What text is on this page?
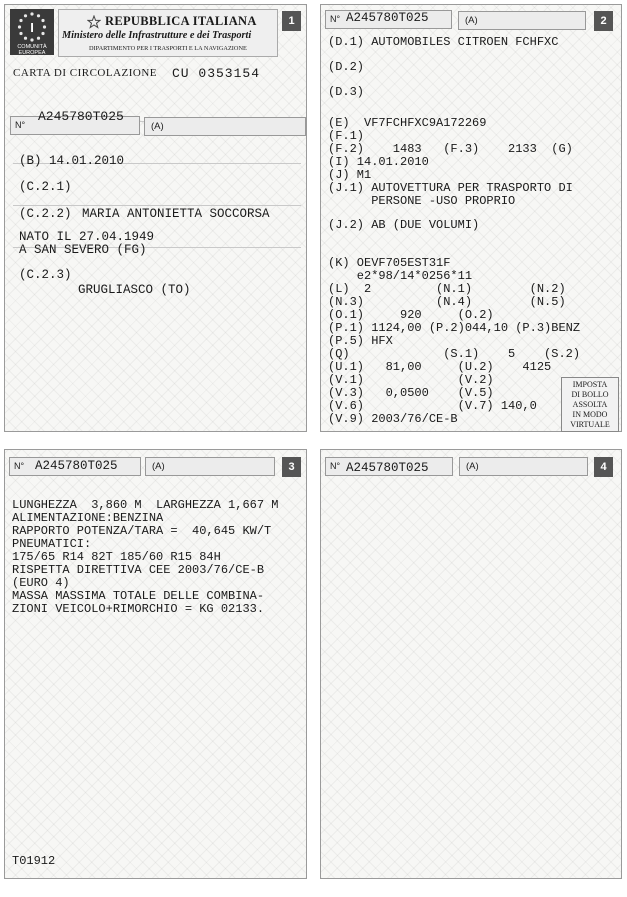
I

COMUNITÀ EUROPEA

REPUBBLICA ITALIANA

Ministero delle Infrastrutture e dei Trasporti

DIPARTIMENTO PER I TRASPORTI E LA NAVIGAZIONE

1
CARTA DI CIRCOLAZIONE CU 0353154

N°
A245780T025
(A)
(B) 14.01.2010
(C.2.1)
(C.2.2) MARIA ANTONIETTA SOCCORSA
NATO IL 27.04.1949
A SAN SEVERO (FG)
(C.2.3)
GRUGLIASCO (TO)
N° A245780T025	(A)	2
(D.1) AUTOMOBILES CITROEN FCHFXC
(D.2)
(D.3)
(E)  VF7FCHFXC9A172269
(F.1)
(F.2)    1483   (F.3)    2133  (G)
(I) 14.01.2010
(J) M1
(J.1) AUTOVETTURA PER TRASPORTO DI
PERSONE -USO PROPRIO
(J.2) AB (DUE VOLUMI)
(K) OEVF705EST31F
e2*98/14*0256*11
(L)  2         (N.1)        (N.2)
(N.3)          (N.4)        (N.5)
(O.1)     920     (O.2)
(P.1) 1124,00 (P.2)044,10 (P.3)BENZ
(P.5) HFX
(Q)             (S.1)    5    (S.2)
(U.1)   81,00     (U.2)    4125
(V.1)             (V.2)
(V.3)   0,0500    (V.5)
(V.6)             (V.7) 140,0
(V.9) 2003/76/CE-B
IMPOSTA
DI BOLLO
ASSOLTA
IN MODO
VIRTUALE
N° A245780T025	(A)	3
LUNGHEZZA  3,860 M  LARGHEZZA 1,667 M
ALIMENTAZIONE:BENZINA
RAPPORTO POTENZA/TARA =  40,645 KW/T
PNEUMATICI:
175/65 R14 82T 185/60 R15 84H
RISPETTA DIRETTIVA CEE 2003/76/CE-B
(EURO 4)
MASSA MASSIMA TOTALE DELLE COMBINA-
ZIONI VEICOLO+RIMORCHIO = KG 02133.
T01912
N° A245780T025	(A)	4
